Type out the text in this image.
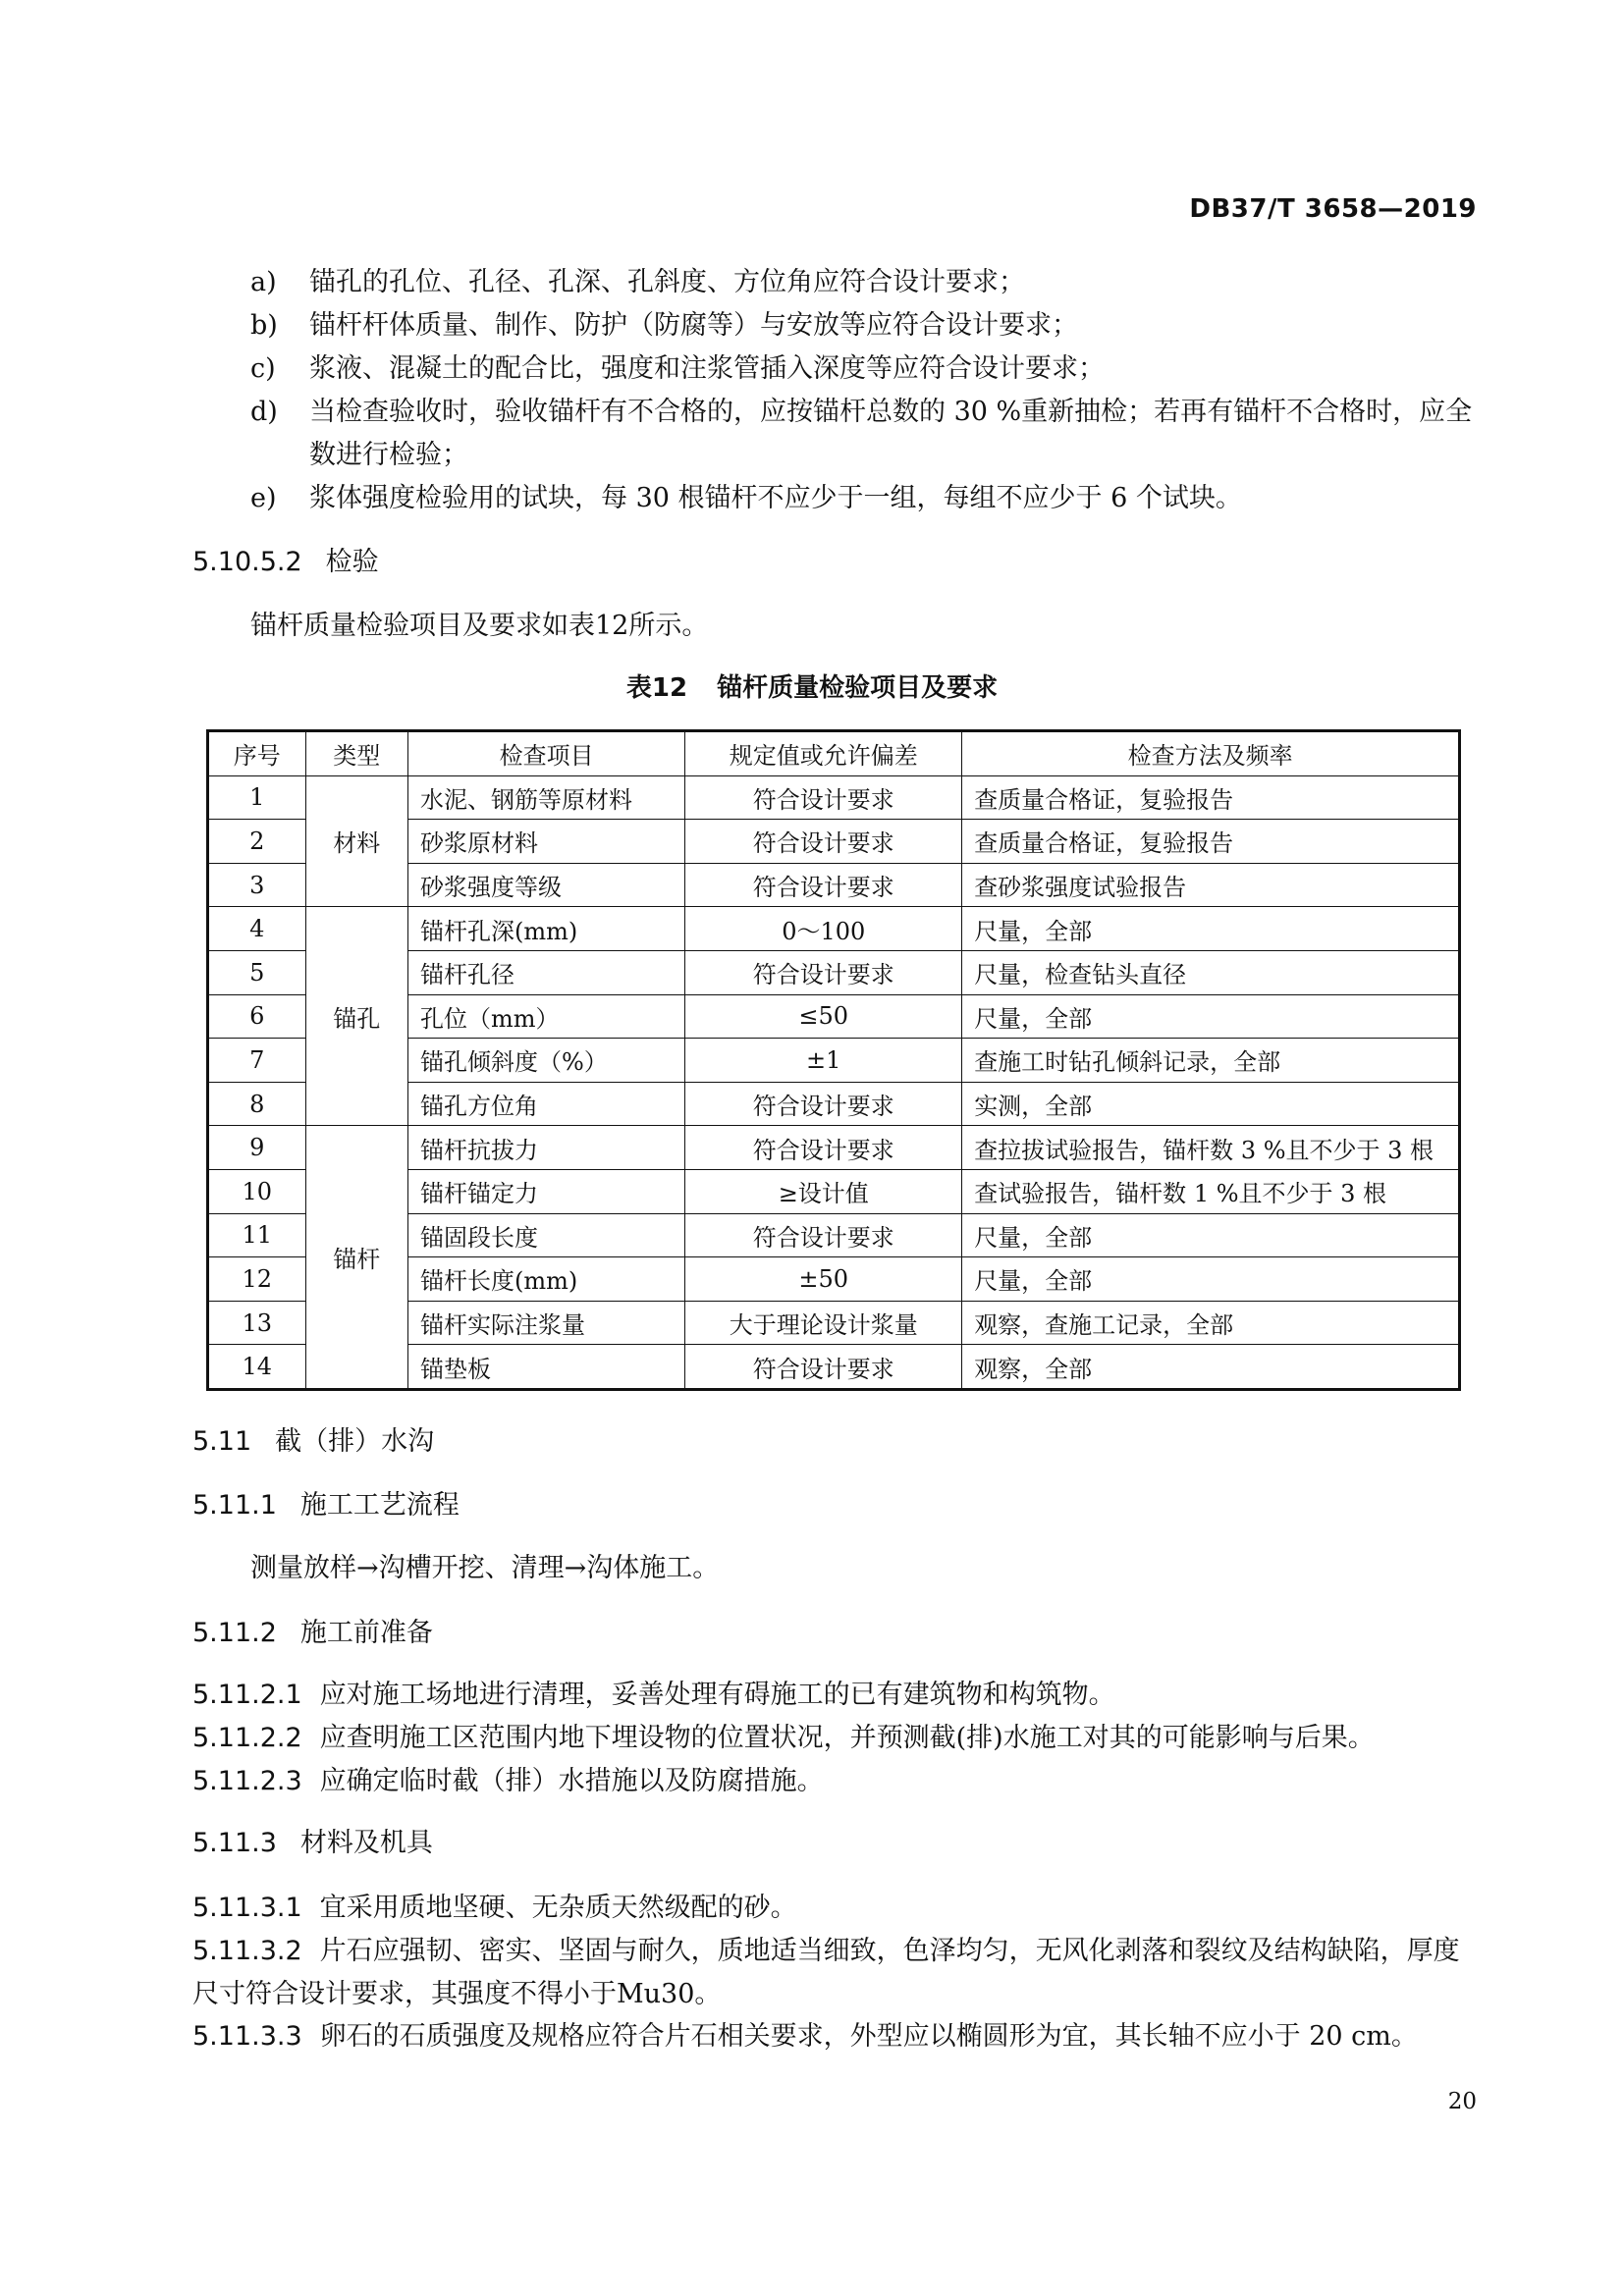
DB37/T 3658—2019

a) 锚孔的孔位、孔径、孔深、孔斜度、方位角应符合设计要求；

b) 锚杆杆体质量、制作、防护（防腐等）与安放等应符合设计要求；

c) 浆液、混凝土的配合比，强度和注浆管插入深度等应符合设计要求；

d) 当检查验收时，验收锚杆有不合格的，应按锚杆总数的 30 %重新抽检；若再有锚杆不合格时，应全数进行检验；

e) 浆体强度检验用的试块，每 30 根锚杆不应少于一组，每组不应少于 6 个试块。

5.10.5.2 检验
锚杆质量检验项目及要求如表12所示。
表12 锚杆质量检验项目及要求
序号	类型	检查项目	规定值或允许偏差	检查方法及频率
1	材料	水泥、钢筋等原材料	符合设计要求	查质量合格证，复验报告
2		砂浆原材料	符合设计要求	查质量合格证，复验报告
3		砂浆强度等级	符合设计要求	查砂浆强度试验报告
4	锚孔	锚杆孔深(mm)	0～100	尺量，全部
5		锚杆孔径	符合设计要求	尺量，检查钻头直径
6		孔位（mm）	≤50	尺量，全部
7		锚孔倾斜度（%）	±1	查施工时钻孔倾斜记录，全部
8		锚孔方位角	符合设计要求	实测，全部
9	锚杆	锚杆抗拔力	符合设计要求	查拉拔试验报告，锚杆数 3 %且不少于 3 根
10		锚杆锚定力	≥设计值	查试验报告，锚杆数 1 %且不少于 3 根
11		锚固段长度	符合设计要求	尺量，全部
12		锚杆长度(mm)	±50	尺量，全部
13		锚杆实际注浆量	大于理论设计浆量	观察，查施工记录，全部
14		锚垫板	符合设计要求	观察，全部
5.11 截（排）水沟
5.11.1 施工工艺流程
测量放样→沟槽开挖、清理→沟体施工。
5.11.2 施工前准备
5.11.2.1 应对施工场地进行清理，妥善处理有碍施工的已有建筑物和构筑物。
5.11.2.2 应查明施工区范围内地下埋设物的位置状况，并预测截(排)水施工对其的可能影响与后果。
5.11.2.3 应确定临时截（排）水措施以及防腐措施。
5.11.3 材料及机具
5.11.3.1 宜采用质地坚硬、无杂质天然级配的砂。
5.11.3.2 片石应强韧、密实、坚固与耐久，质地适当细致，色泽均匀，无风化剥落和裂纹及结构缺陷，厚度尺寸符合设计要求，其强度不得小于Mu30。
5.11.3.3 卵石的石质强度及规格应符合片石相关要求，外型应以椭圆形为宜，其长轴不应小于 20 cm。
20
